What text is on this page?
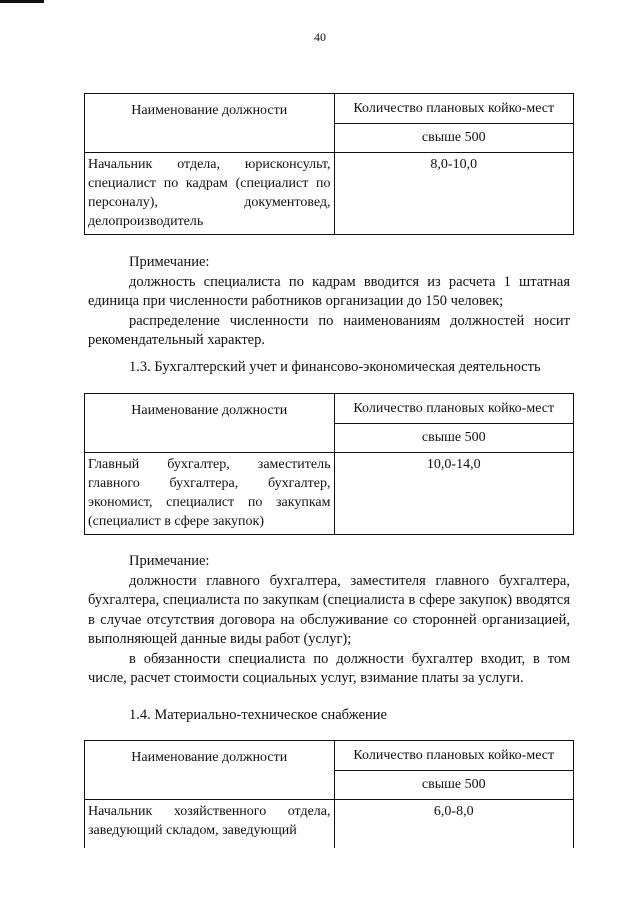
40
Наименование должности	Количество плановых койко-мест
	свыше 500
Начальник отдела, юрисконсульт, специалист по кадрам (специалист по персоналу), документовед, делопроизводитель	8,0-10,0

Примечание:

должность специалиста по кадрам вводится из расчета 1 штатная единица при численности работников организации до 150 человек;

распределение численности по наименованиям должностей носит рекомендательный характер.

1.3. Бухгалтерский учет и финансово-экономическая деятельность
Наименование должности	Количество плановых койко-мест
	свыше 500
Главный бухгалтер, заместитель главного бухгалтера, бухгалтер, экономист, специалист по закупкам (специалист в сфере закупок)	10,0-14,0

Примечание:

должности главного бухгалтера, заместителя главного бухгалтера, бухгалтера, специалиста по закупкам (специалиста в сфере закупок) вводятся в случае отсутствия договора на обслуживание со сторонней организацией, выполняющей данные виды работ (услуг);

в обязанности специалиста по должности бухгалтер входит, в том числе, расчет стоимости социальных услуг, взимание платы за услуги.

1.4. Материально-техническое снабжение
Наименование должности	Количество плановых койко-мест
	свыше 500
Начальник хозяйственного отдела, заведующий складом, заведующий	6,0-8,0
